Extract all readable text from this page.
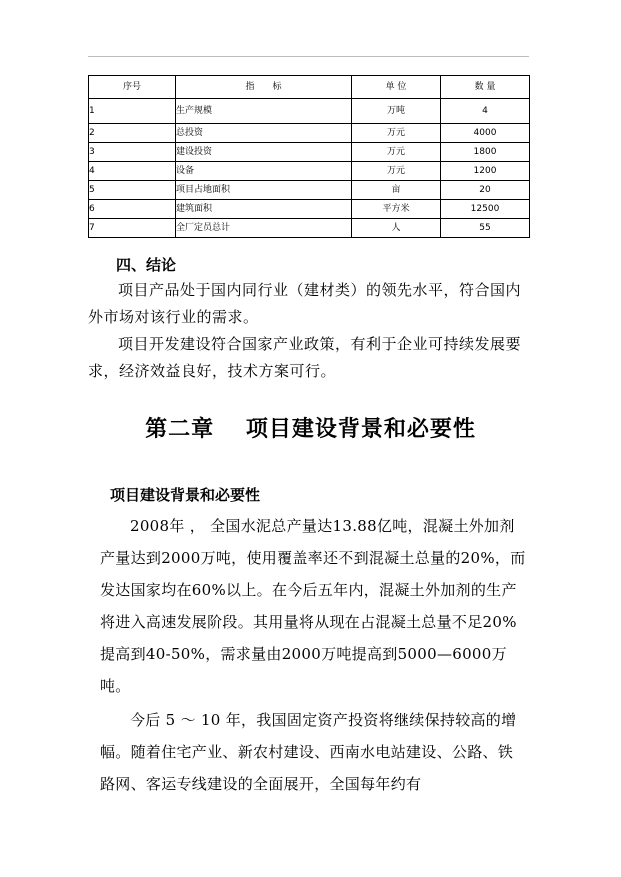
序号	指　　标	单 位	数 量
1	生产规模	万吨	4
2	总投资	万元	4000
3	建设投资	万元	1800
4	设备	万元	1200
5	项目占地面积	亩	20
6	建筑面积	平方米	12500
7	全厂定员总计	人	55
四、结论

项目产品处于国内同行业（建材类）的领先水平，符合国内外市场对该行业的需求。

项目开发建设符合国家产业政策，有利于企业可持续发展要求，经济效益良好，技术方案可行。

第二章　 项目建设背景和必要性
项目建设背景和必要性

2008年 ， 全国水泥总产量达13.88亿吨，混凝土外加剂产量达到2000万吨，使用覆盖率还不到混凝土总量的20%，而发达国家均在60%以上。在今后五年内，混凝土外加剂的生产将进入高速发展阶段。其用量将从现在占混凝土总量不足20%提高到40-50%，需求量由2000万吨提高到5000—6000万吨。

今后 5 ～ 10 年，我国固定资产投资将继续保持较高的增幅。随着住宅产业、新农村建设、西南水电站建设、公路、铁路网、客运专线建设的全面展开，全国每年约有
